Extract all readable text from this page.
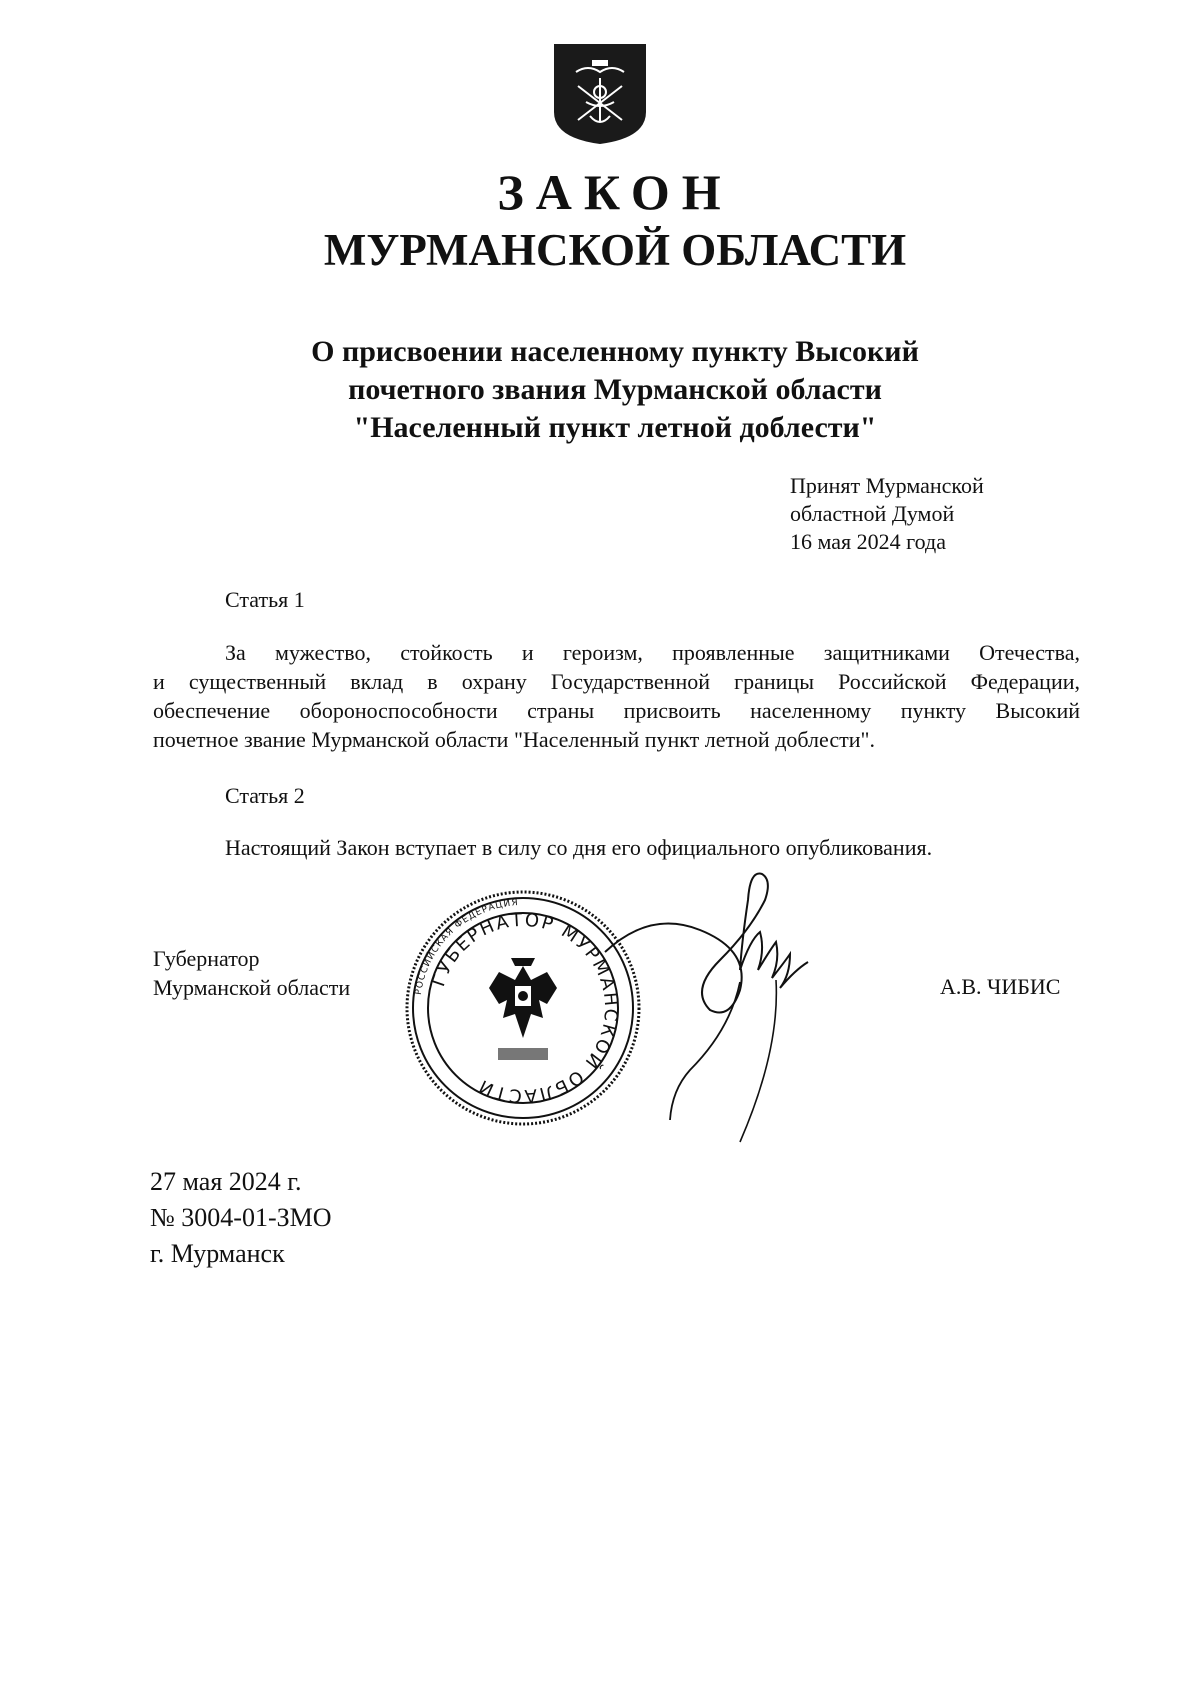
ЗАКОН
МУРМАНСКОЙ ОБЛАСТИ
О присвоении населенному пункту Высокий
почетного звания Мурманской области
"Населенный пункт летной доблести"
Принят Мурманской
областной Думой
16 мая 2024 года
Статья 1
За мужество, стойкость и героизм, проявленные защитниками Отечества,
и существенный вклад в охрану Государственной границы Российской Федерации,
обеспечение обороноспособности страны присвоить населенному пункту Высокий
почетное звание Мурманской области "Населенный пункт летной доблести".
Статья 2
Настоящий Закон вступает в силу со дня его официального опубликования.
Губернатор
Мурманской области	А.В. ЧИБИС
РОССИЙСКАЯ ФЕДЕРАЦИЯ
ГУБЕРНАТОР МУРМАНСКОЙ ОБЛАСТИ
27 мая 2024 г.
№ 3004-01-ЗМО
г. Мурманск
